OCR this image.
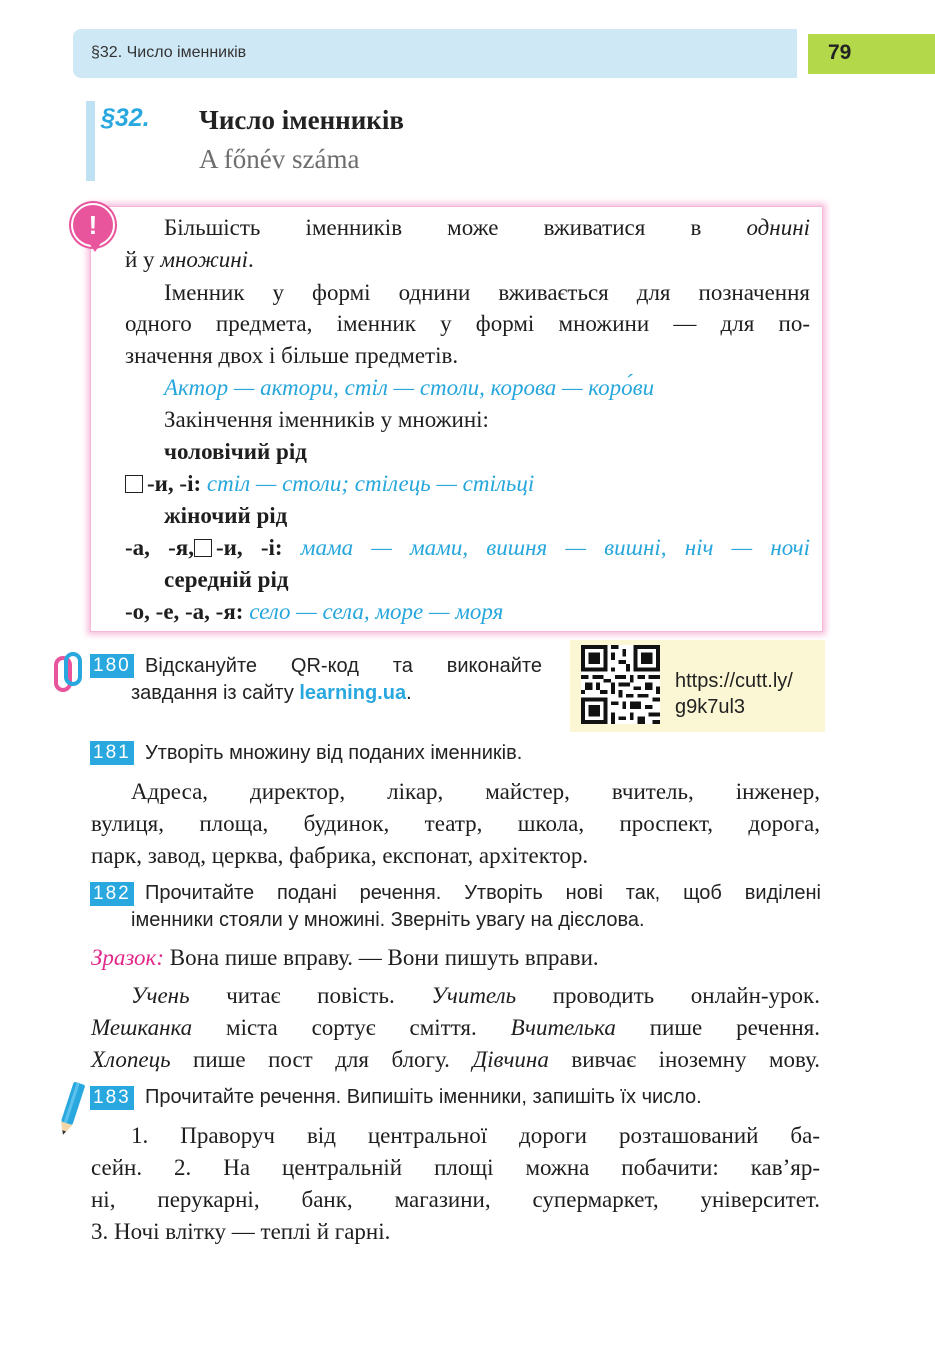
§32. Число іменників	79
§32. Число іменників
A főnév száma
!	Більшість іменників може вживатися в однині
й у множині.
Іменник у формі однини вживається для позначення
одного предмета, іменник у формі множини — для по-
значення двох і більше предметів.
Актор — актори, стіл — столи, корова — коро́ви
Закінчення іменників у множині:
чоловічий рід
-и, -і: стіл — столи; стілець — стільці
жіночий рід
-а, -я, -и, -і: мама — мами, вишня — вишні, ніч — ночі
середній рід
-о, -е, -а, -я: село — села, море — моря
180 Відскануйте QR-код та виконайте
завдання із сайту learning.ua.
https://cutt.ly/
g9k7ul3
181 Утворіть множину від поданих іменників.
Адреса, директор, лікар, майстер, вчитель, інженер,
вулиця, площа, будинок, театр, школа, проспект, дорога,
парк, завод, церква, фабрика, експонат, архітектор.
182 Прочитайте подані речення. Утворіть нові так, щоб виділені
іменники стояли у множині. Зверніть увагу на дієслова.
Зразок: Вона пише вправу. — Вони пишуть вправи.
Учень читає повість. Учитель проводить онлайн-урок.
Мешканка міста сортує сміття. Вчителька пише речення.
Хлопець пише пост для блогу. Дівчина вивчає іноземну мову.
183 Прочитайте речення. Випишіть іменники, запишіть їх число.
1. Праворуч від центральної дороги розташований ба-
сейн. 2. На центральній площі можна побачити: кав’яр-
ні, перукарні, банк, магазини, супермаркет, університет.
3. Ночі влітку — теплі й гарні.
